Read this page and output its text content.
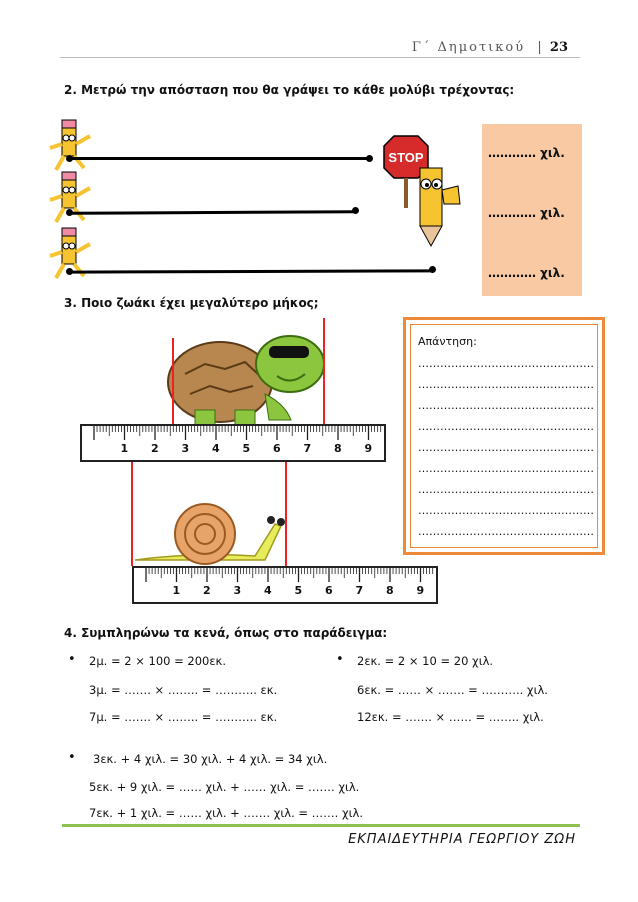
Γ΄ Δημοτικού  | 23
2. Μετρώ την απόσταση που θα γράψει το κάθε μολύβι τρέχοντας:
STOP	………… χιλ.
………… χιλ.
………… χιλ.
3. Ποιο ζωάκι έχει μεγαλύτερο μήκος;
1 2 3 4 5 6 7 8 9
1 2 3 4 5 6 7 8 9
Απάντηση:
…………………………………………
…………………………………………
…………………………………………
…………………………………………
…………………………………………
…………………………………………
…………………………………………
…………………………………………
…………………………………………
4. Συμπληρώνω τα κενά, όπως στο παράδειγμα:
• 2μ. = 2 × 100 = 200εκ.
3μ. = ……. × …….. = ……….. εκ.
7μ. = ……. × …….. = ……….. εκ.
• 2εκ. = 2 × 10 = 20 χιλ.
6εκ. = …… × ……. = ……….. χιλ.
12εκ. = ……. × …… = …….. χιλ.
• 3εκ. + 4 χιλ. = 30 χιλ. + 4 χιλ. = 34 χιλ.
5εκ. + 9 χιλ. = …… χιλ. + …… χιλ. = ……. χιλ.
7εκ. + 1 χιλ. = …… χιλ. + ……. χιλ. = ……. χιλ.
ΕΚΠΑΙΔΕΥΤΗΡΙΑ ΓΕΩΡΓΙΟΥ ΖΩΗ
